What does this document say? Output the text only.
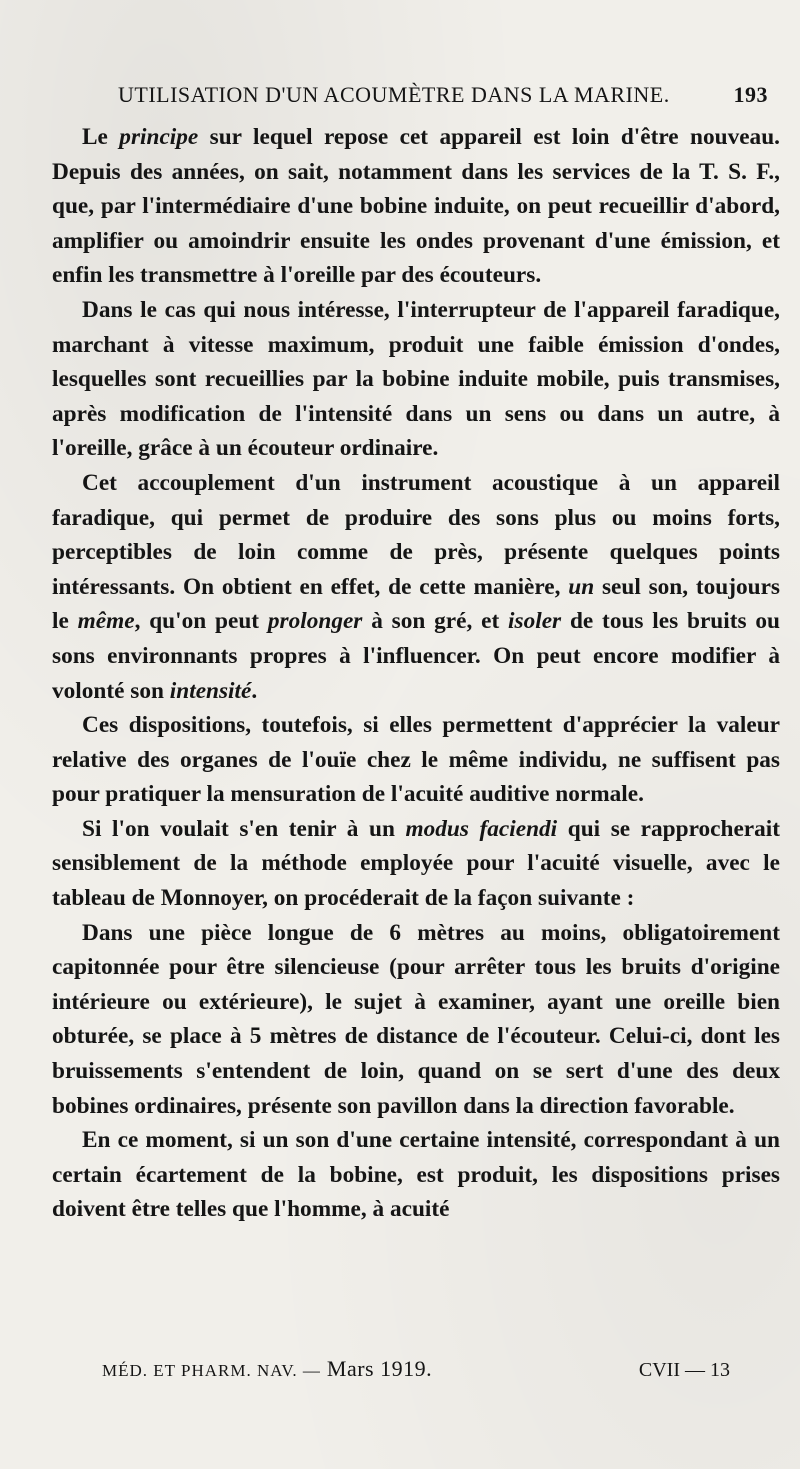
UTILISATION D'UN ACOUMÈTRE DANS LA MARINE.	193

Le principe sur lequel repose cet appareil est loin d'être nouveau. Depuis des années, on sait, notamment dans les services de la T. S. F., que, par l'intermédiaire d'une bobine induite, on peut recueillir d'abord, amplifier ou amoindrir ensuite les ondes provenant d'une émission, et enfin les transmettre à l'oreille par des écouteurs.

Dans le cas qui nous intéresse, l'interrupteur de l'appareil faradique, marchant à vitesse maximum, produit une faible émission d'ondes, lesquelles sont recueillies par la bobine induite mobile, puis transmises, après modification de l'intensité dans un sens ou dans un autre, à l'oreille, grâce à un écouteur ordinaire.

Cet accouplement d'un instrument acoustique à un appareil faradique, qui permet de produire des sons plus ou moins forts, perceptibles de loin comme de près, présente quelques points intéressants. On obtient en effet, de cette manière, un seul son, toujours le même, qu'on peut prolonger à son gré, et isoler de tous les bruits ou sons environnants propres à l'influencer. On peut encore modifier à volonté son intensité.

Ces dispositions, toutefois, si elles permettent d'apprécier la valeur relative des organes de l'ouïe chez le même individu, ne suffisent pas pour pratiquer la mensuration de l'acuité auditive normale.

Si l'on voulait s'en tenir à un modus faciendi qui se rapprocherait sensiblement de la méthode employée pour l'acuité visuelle, avec le tableau de Monnoyer, on procéderait de la façon suivante :

Dans une pièce longue de 6 mètres au moins, obligatoirement capitonnée pour être silencieuse (pour arrêter tous les bruits d'origine intérieure ou extérieure), le sujet à examiner, ayant une oreille bien obturée, se place à 5 mètres de distance de l'écouteur. Celui-ci, dont les bruissements s'entendent de loin, quand on se sert d'une des deux bobines ordinaires, présente son pavillon dans la direction favorable.

En ce moment, si un son d'une certaine intensité, correspondant à un certain écartement de la bobine, est produit, les dispositions prises doivent être telles que l'homme, à acuité

MÉD. ET PHARM. NAV. — Mars 1919.	CVII — 13
